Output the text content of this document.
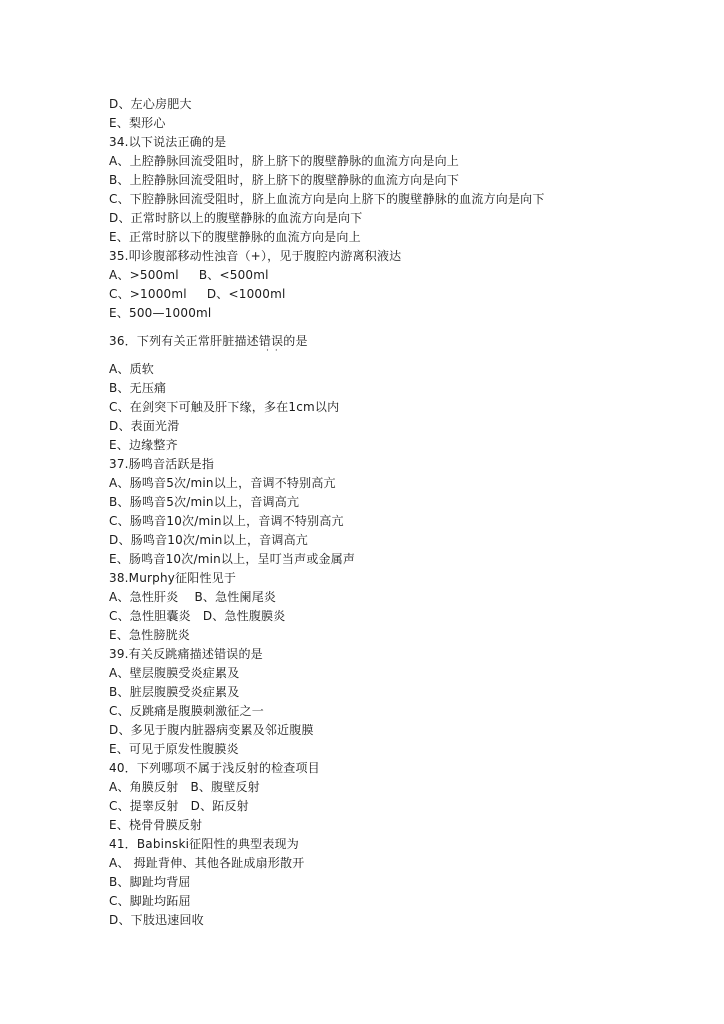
D、左心房肥大
E、梨形心
34.以下说法正确的是
A、上腔静脉回流受阻时，脐上脐下的腹壁静脉的血流方向是向上
B、上腔静脉回流受阻时，脐上脐下的腹壁静脉的血流方向是向下
C、下腔静脉回流受阻时，脐上血流方向是向上脐下的腹壁静脉的血流方向是向下
D、正常时脐以上的腹壁静脉的血流方向是向下
E、正常时脐以下的腹壁静脉的血流方向是向上
35.叩诊腹部移动性浊音（+），见于腹腔内游离积液达
A、>500ml     B、<500ml
C、>1000ml     D、<1000ml
E、500—1000ml
36．下列有关正常肝脏描述错误的是
··
A、质软
B、无压痛
C、在剑突下可触及肝下缘，多在1cm以内
D、表面光滑
E、边缘整齐
37.肠鸣音活跃是指
A、肠鸣音5次/min以上，音调不特别高亢
B、肠鸣音5次/min以上，音调高亢
C、肠鸣音10次/min以上，音调不特别高亢
D、肠鸣音10次/min以上，音调高亢
E、肠鸣音10次/min以上，呈叮当声或金属声
38.Murphy征阳性见于
A、急性肝炎    B、急性阑尾炎
C、急性胆囊炎   D、急性腹膜炎
E、急性膀胱炎
39.有关反跳痛描述错误的是
A、壁层腹膜受炎症累及
B、脏层腹膜受炎症累及
C、反跳痛是腹膜刺激征之一
D、多见于腹内脏器病变累及邻近腹膜
E、可见于原发性腹膜炎
40．下列哪项不属于浅反射的检查项目
A、角膜反射   B、腹壁反射
C、提睾反射   D、跖反射
E、桡骨骨膜反射
41．Babinski征阳性的典型表现为
A、 拇趾背伸、其他各趾成扇形散开
B、脚趾均背屈
C、脚趾均跖屈
D、下肢迅速回收
